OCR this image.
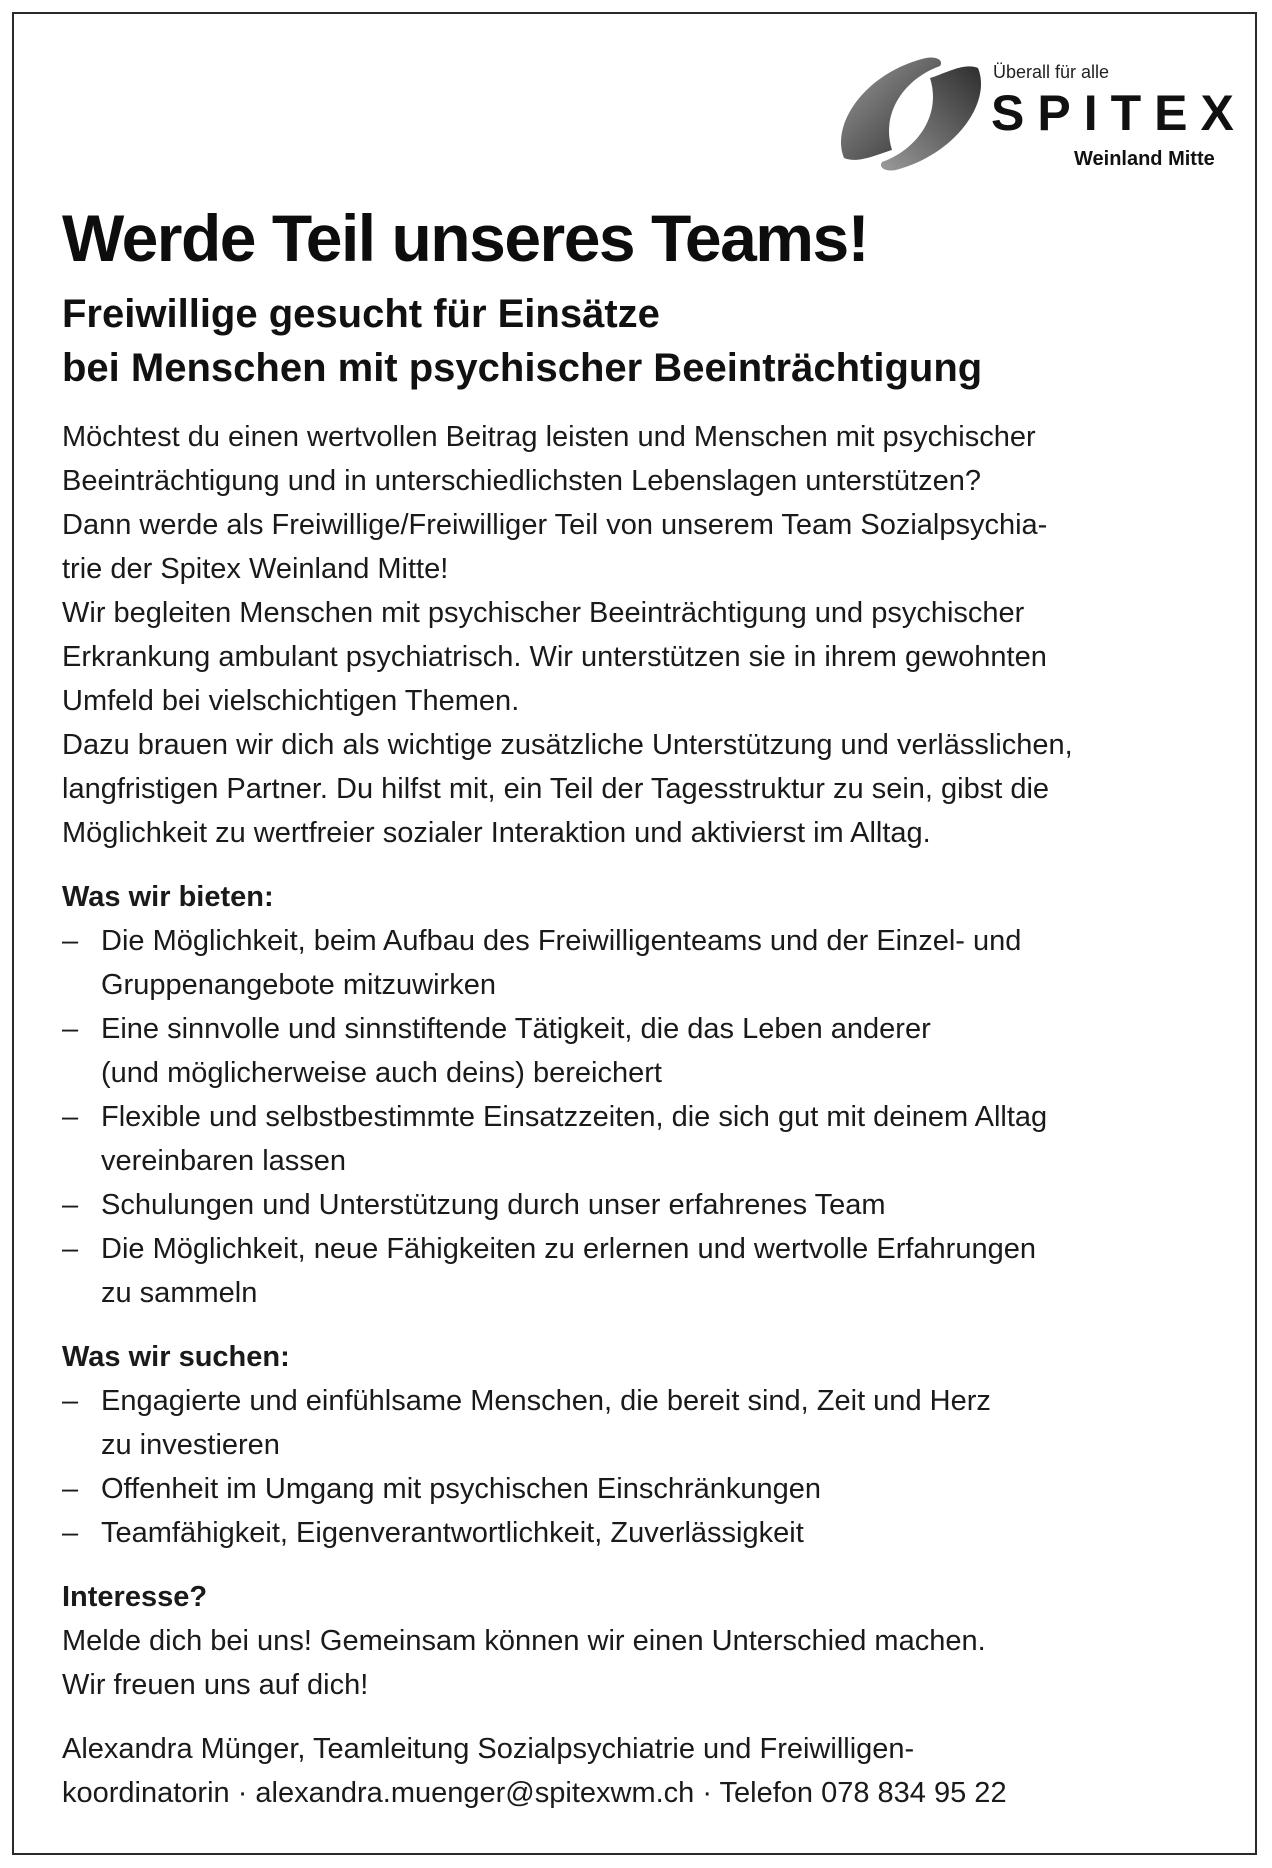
Überall für alle
SPITEX
Weinland Mitte
Werde Teil unseres Teams!
Freiwillige gesucht für Einsätze
bei Menschen mit psychischer Beeinträchtigung
Möchtest du einen wertvollen Beitrag leisten und Menschen mit psychischer
Beeinträchtigung und in unterschiedlichsten Lebenslagen unterstützen?
Dann werde als Freiwillige/Freiwilliger Teil von unserem Team Sozialpsychia-
trie der Spitex Weinland Mitte!
Wir begleiten Menschen mit psychischer Beeinträchtigung und psychischer
Erkrankung ambulant psychiatrisch. Wir unterstützen sie in ihrem gewohnten
Umfeld bei vielschichtigen Themen.
Dazu brauen wir dich als wichtige zusätzliche Unterstützung und verlässlichen,
langfristigen Partner. Du hilfst mit, ein Teil der Tagesstruktur zu sein, gibst die
Möglichkeit zu wertfreier sozialer Interaktion und aktivierst im Alltag.
Was wir bieten:
– Die Möglichkeit, beim Aufbau des Freiwilligenteams und der Einzel- und
Gruppenangebote mitzuwirken
– Eine sinnvolle und sinnstiftende Tätigkeit, die das Leben anderer
(und möglicherweise auch deins) bereichert
– Flexible und selbstbestimmte Einsatzzeiten, die sich gut mit deinem Alltag
vereinbaren lassen
– Schulungen und Unterstützung durch unser erfahrenes Team
– Die Möglichkeit, neue Fähigkeiten zu erlernen und wertvolle Erfahrungen
zu sammeln
Was wir suchen:
– Engagierte und einfühlsame Menschen, die bereit sind, Zeit und Herz
zu investieren
– Offenheit im Umgang mit psychischen Einschränkungen
– Teamfähigkeit, Eigenverantwortlichkeit, Zuverlässigkeit
Interesse?
Melde dich bei uns! Gemeinsam können wir einen Unterschied machen.
Wir freuen uns auf dich!
Alexandra Münger, Teamleitung Sozialpsychiatrie und Freiwilligen-
koordinatorin · alexandra.muenger@spitexwm.ch · Telefon 078 834 95 22
